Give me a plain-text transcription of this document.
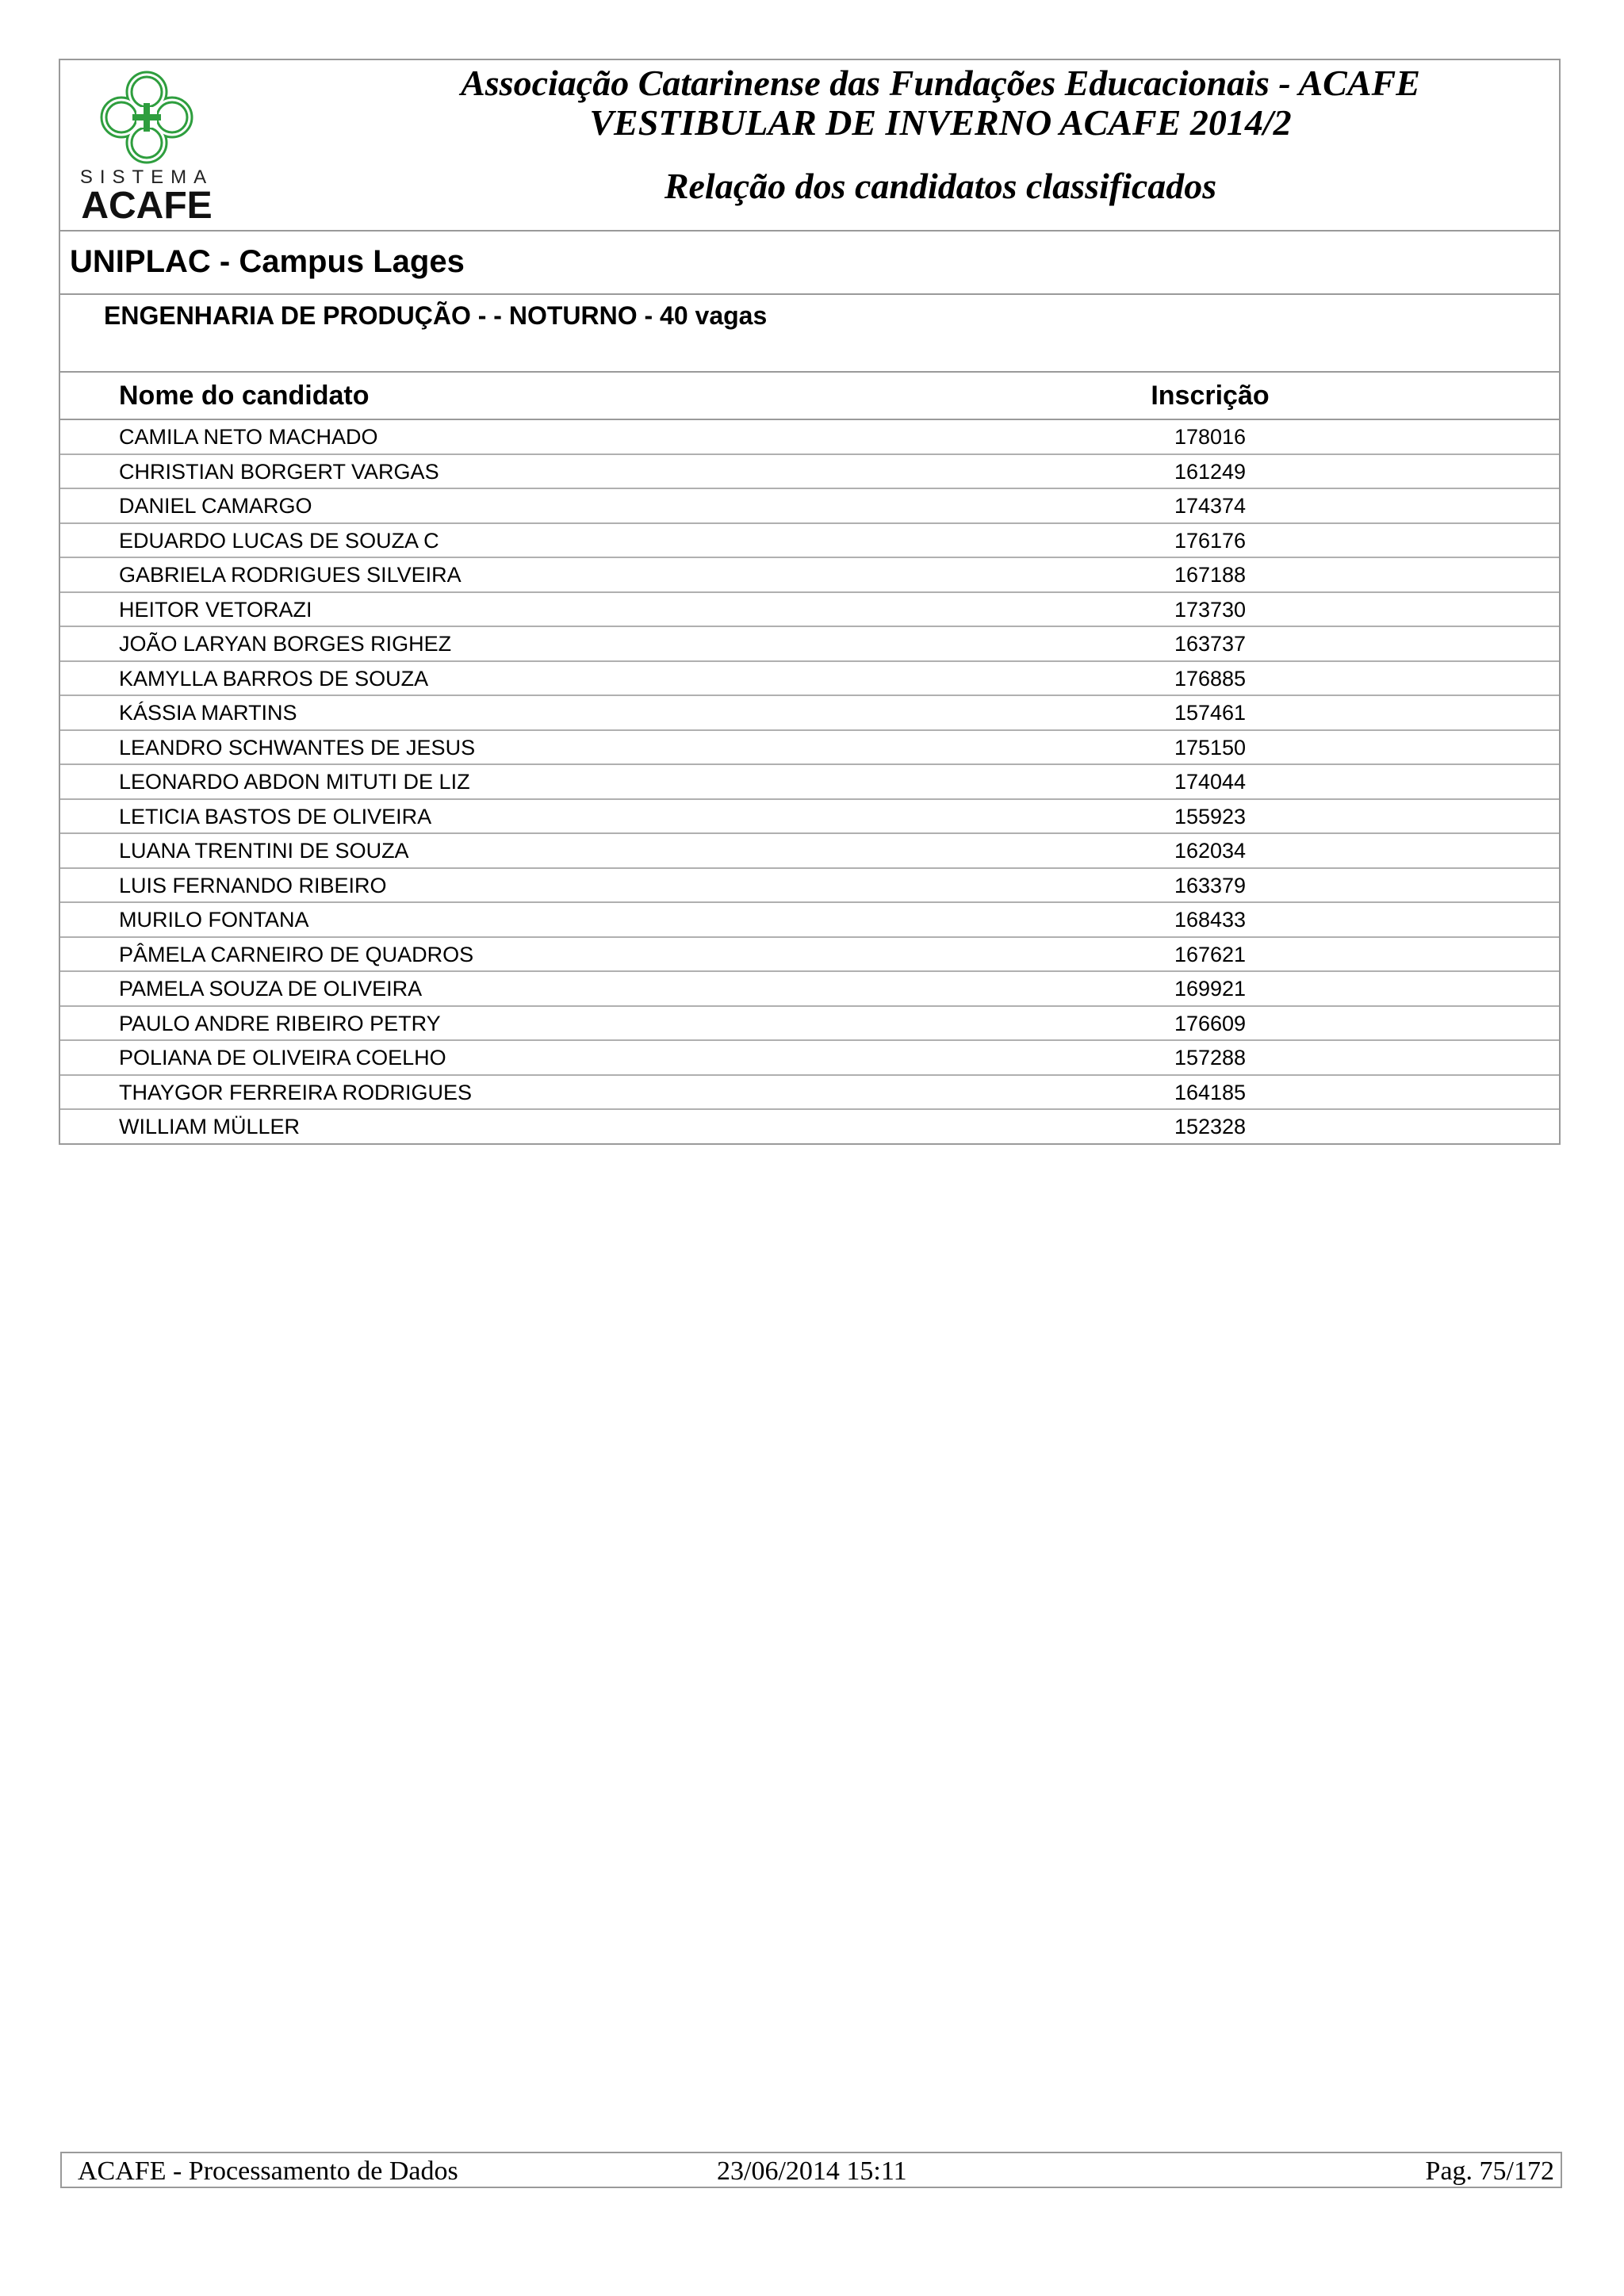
SISTEMA
ACAFE
Associação Catarinense das Fundações Educacionais - ACAFE
VESTIBULAR DE INVERNO ACAFE 2014/2
Relação dos candidatos classificados
UNIPLAC - Campus Lages
ENGENHARIA DE PRODUÇÃO - - NOTURNO - 40 vagas
Nome do candidato	Inscrição
CAMILA NETO MACHADO	178016
CHRISTIAN BORGERT VARGAS	161249
DANIEL CAMARGO	174374
EDUARDO LUCAS DE SOUZA C	176176
GABRIELA RODRIGUES SILVEIRA	167188
HEITOR VETORAZI	173730
JOÃO LARYAN BORGES RIGHEZ	163737
KAMYLLA BARROS DE SOUZA	176885
KÁSSIA MARTINS	157461
LEANDRO SCHWANTES DE JESUS	175150
LEONARDO ABDON MITUTI DE LIZ	174044
LETICIA BASTOS DE OLIVEIRA	155923
LUANA TRENTINI DE SOUZA	162034
LUIS FERNANDO RIBEIRO	163379
MURILO FONTANA	168433
PÂMELA CARNEIRO DE QUADROS	167621
PAMELA SOUZA DE OLIVEIRA	169921
PAULO ANDRE RIBEIRO PETRY	176609
POLIANA DE OLIVEIRA COELHO	157288
THAYGOR FERREIRA RODRIGUES	164185
WILLIAM MÜLLER	152328
ACAFE - Processamento de Dados	23/06/2014 15:11	Pag. 75/172
